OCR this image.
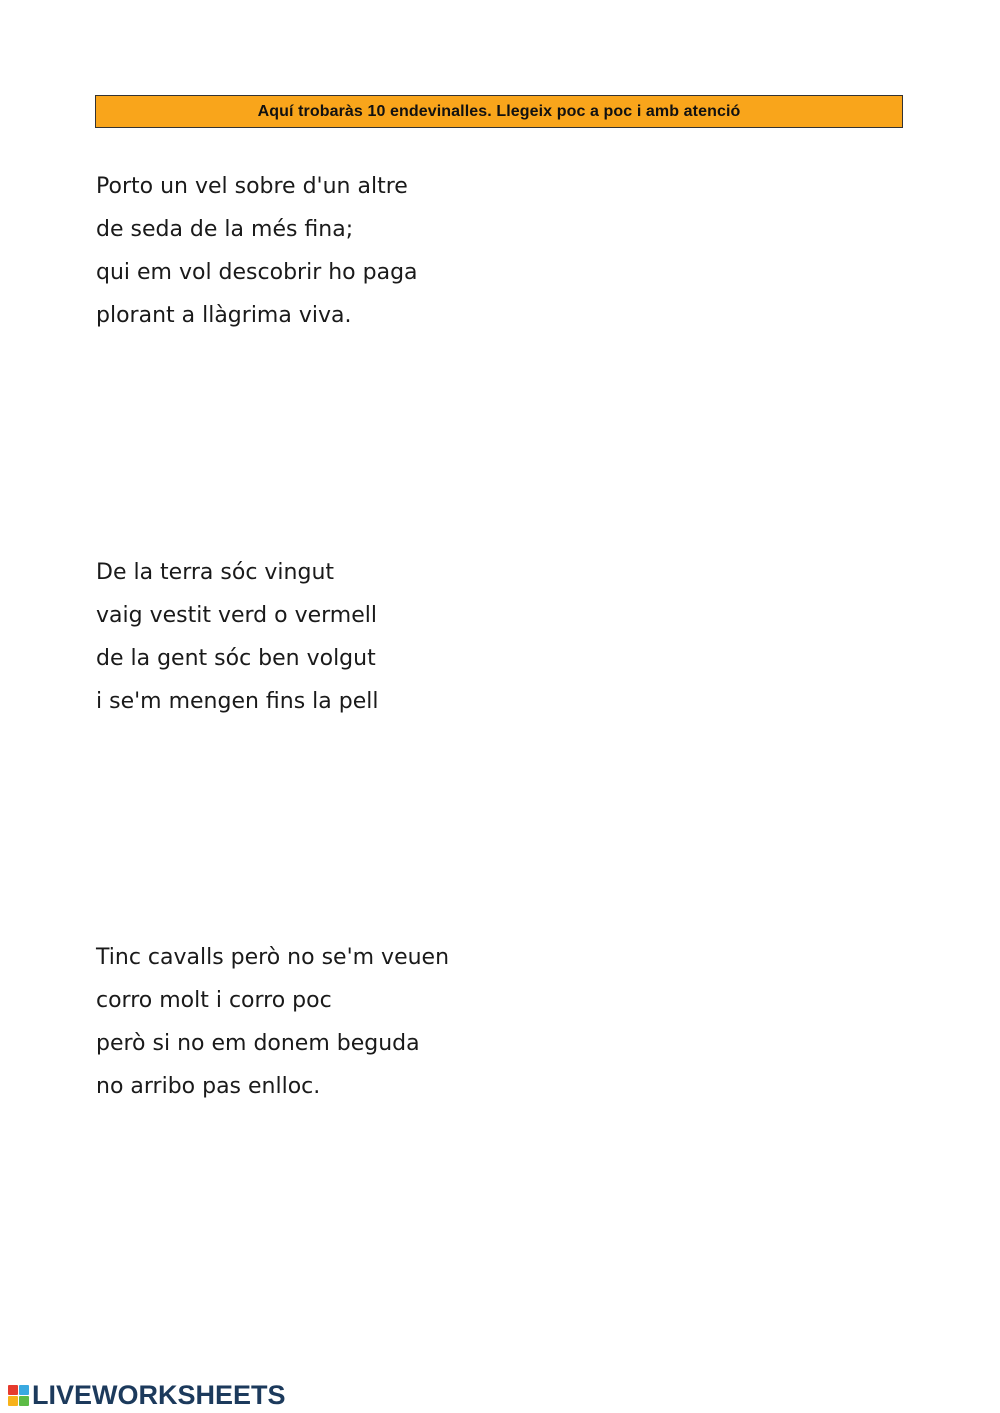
Aquí trobaràs 10 endevinalles. Llegeix poc a poc i amb atenció
Porto un vel sobre d'un altre
de seda de la més fina;
qui em vol descobrir ho paga
plorant a llàgrima viva.
De la terra sóc vingut
vaig vestit verd o vermell
de la gent sóc ben volgut
i se'm mengen fins la pell
Tinc cavalls però no se'm veuen
corro molt i corro poc
però si no em donem beguda
no arribo pas enlloc.
LIVEWORKSHEETS
